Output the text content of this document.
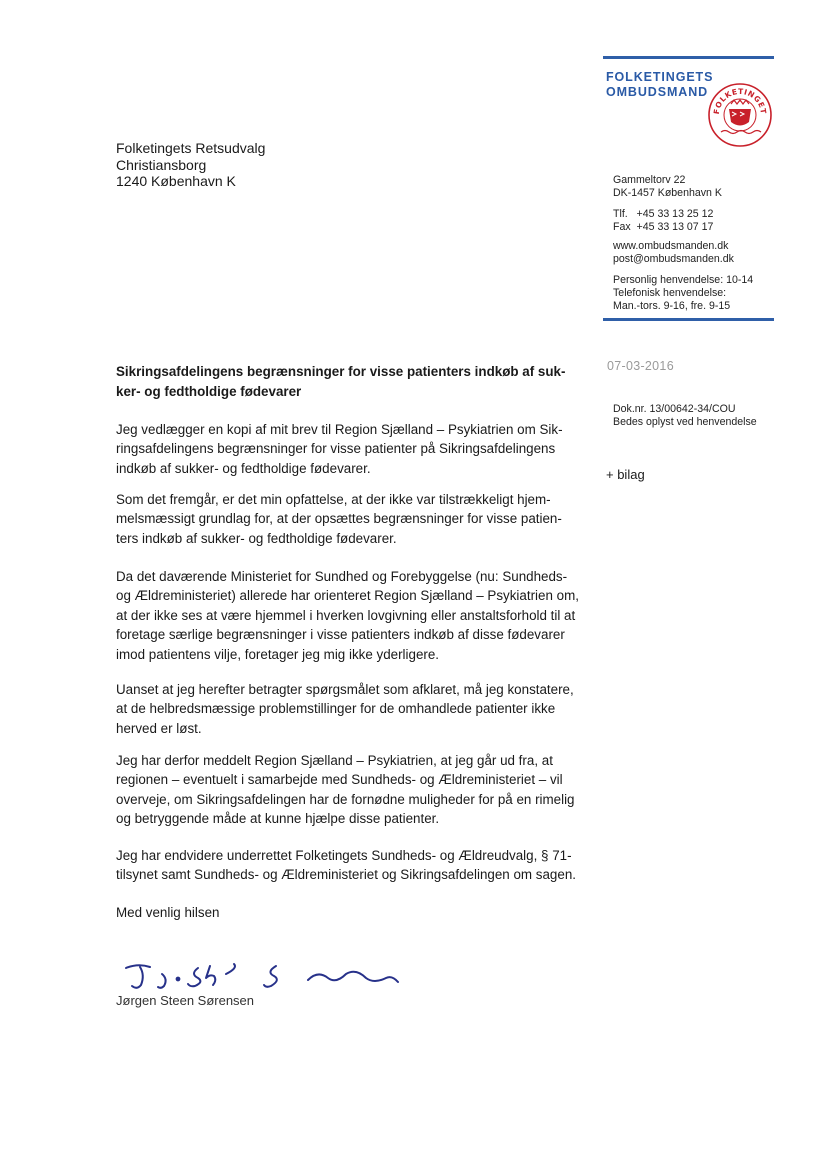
FOLKETINGETS
OMBUDSMAND
FOLKETINGET
Folketingets Retsudvalg
Christiansborg
1240 København K	Gammeltorv 22
DK-1457 København K
Tlf.   +45 33 13 25 12
Fax  +45 33 13 07 17
www.ombudsmanden.dk
post@ombudsmanden.dk
Personlig henvendelse: 10-14
Telefonisk henvendelse:
Man.-tors. 9-16, fre. 9-15
07-03-2016
Dok.nr. 13/00642-34/COU
Bedes oplyst ved henvendelse
+ bilag
Sikringsafdelingens begrænsninger for visse patienters indkøb af suk-
ker- og fedtholdige fødevarer
Jeg vedlægger en kopi af mit brev til Region Sjælland – Psykiatrien om Sik-
ringsafdelingens begrænsninger for visse patienter på Sikringsafdelingens
indkøb af sukker- og fedtholdige fødevarer.
Som det fremgår, er det min opfattelse, at der ikke var tilstrækkeligt hjem-
melsmæssigt grundlag for, at der opsættes begrænsninger for visse patien-
ters indkøb af sukker- og fedtholdige fødevarer.
Da det daværende Ministeriet for Sundhed og Forebyggelse (nu: Sundheds-
og Ældreministeriet) allerede har orienteret Region Sjælland – Psykiatrien om,
at der ikke ses at være hjemmel i hverken lovgivning eller anstaltsforhold til at
foretage særlige begrænsninger i visse patienters indkøb af disse fødevarer
imod patientens vilje, foretager jeg mig ikke yderligere.
Uanset at jeg herefter betragter spørgsmålet som afklaret, må jeg konstatere,
at de helbredsmæssige problemstillinger for de omhandlede patienter ikke
herved er løst.
Jeg har derfor meddelt Region Sjælland – Psykiatrien, at jeg går ud fra, at
regionen – eventuelt i samarbejde med Sundheds- og Ældreministeriet – vil
overveje, om Sikringsafdelingen har de fornødne muligheder for på en rimelig
og betryggende måde at kunne hjælpe disse patienter.
Jeg har endvidere underrettet Folketingets Sundheds- og Ældreudvalg, § 71-
tilsynet samt Sundheds- og Ældreministeriet og Sikringsafdelingen om sagen.
Med venlig hilsen
Jørgen Steen Sørensen
